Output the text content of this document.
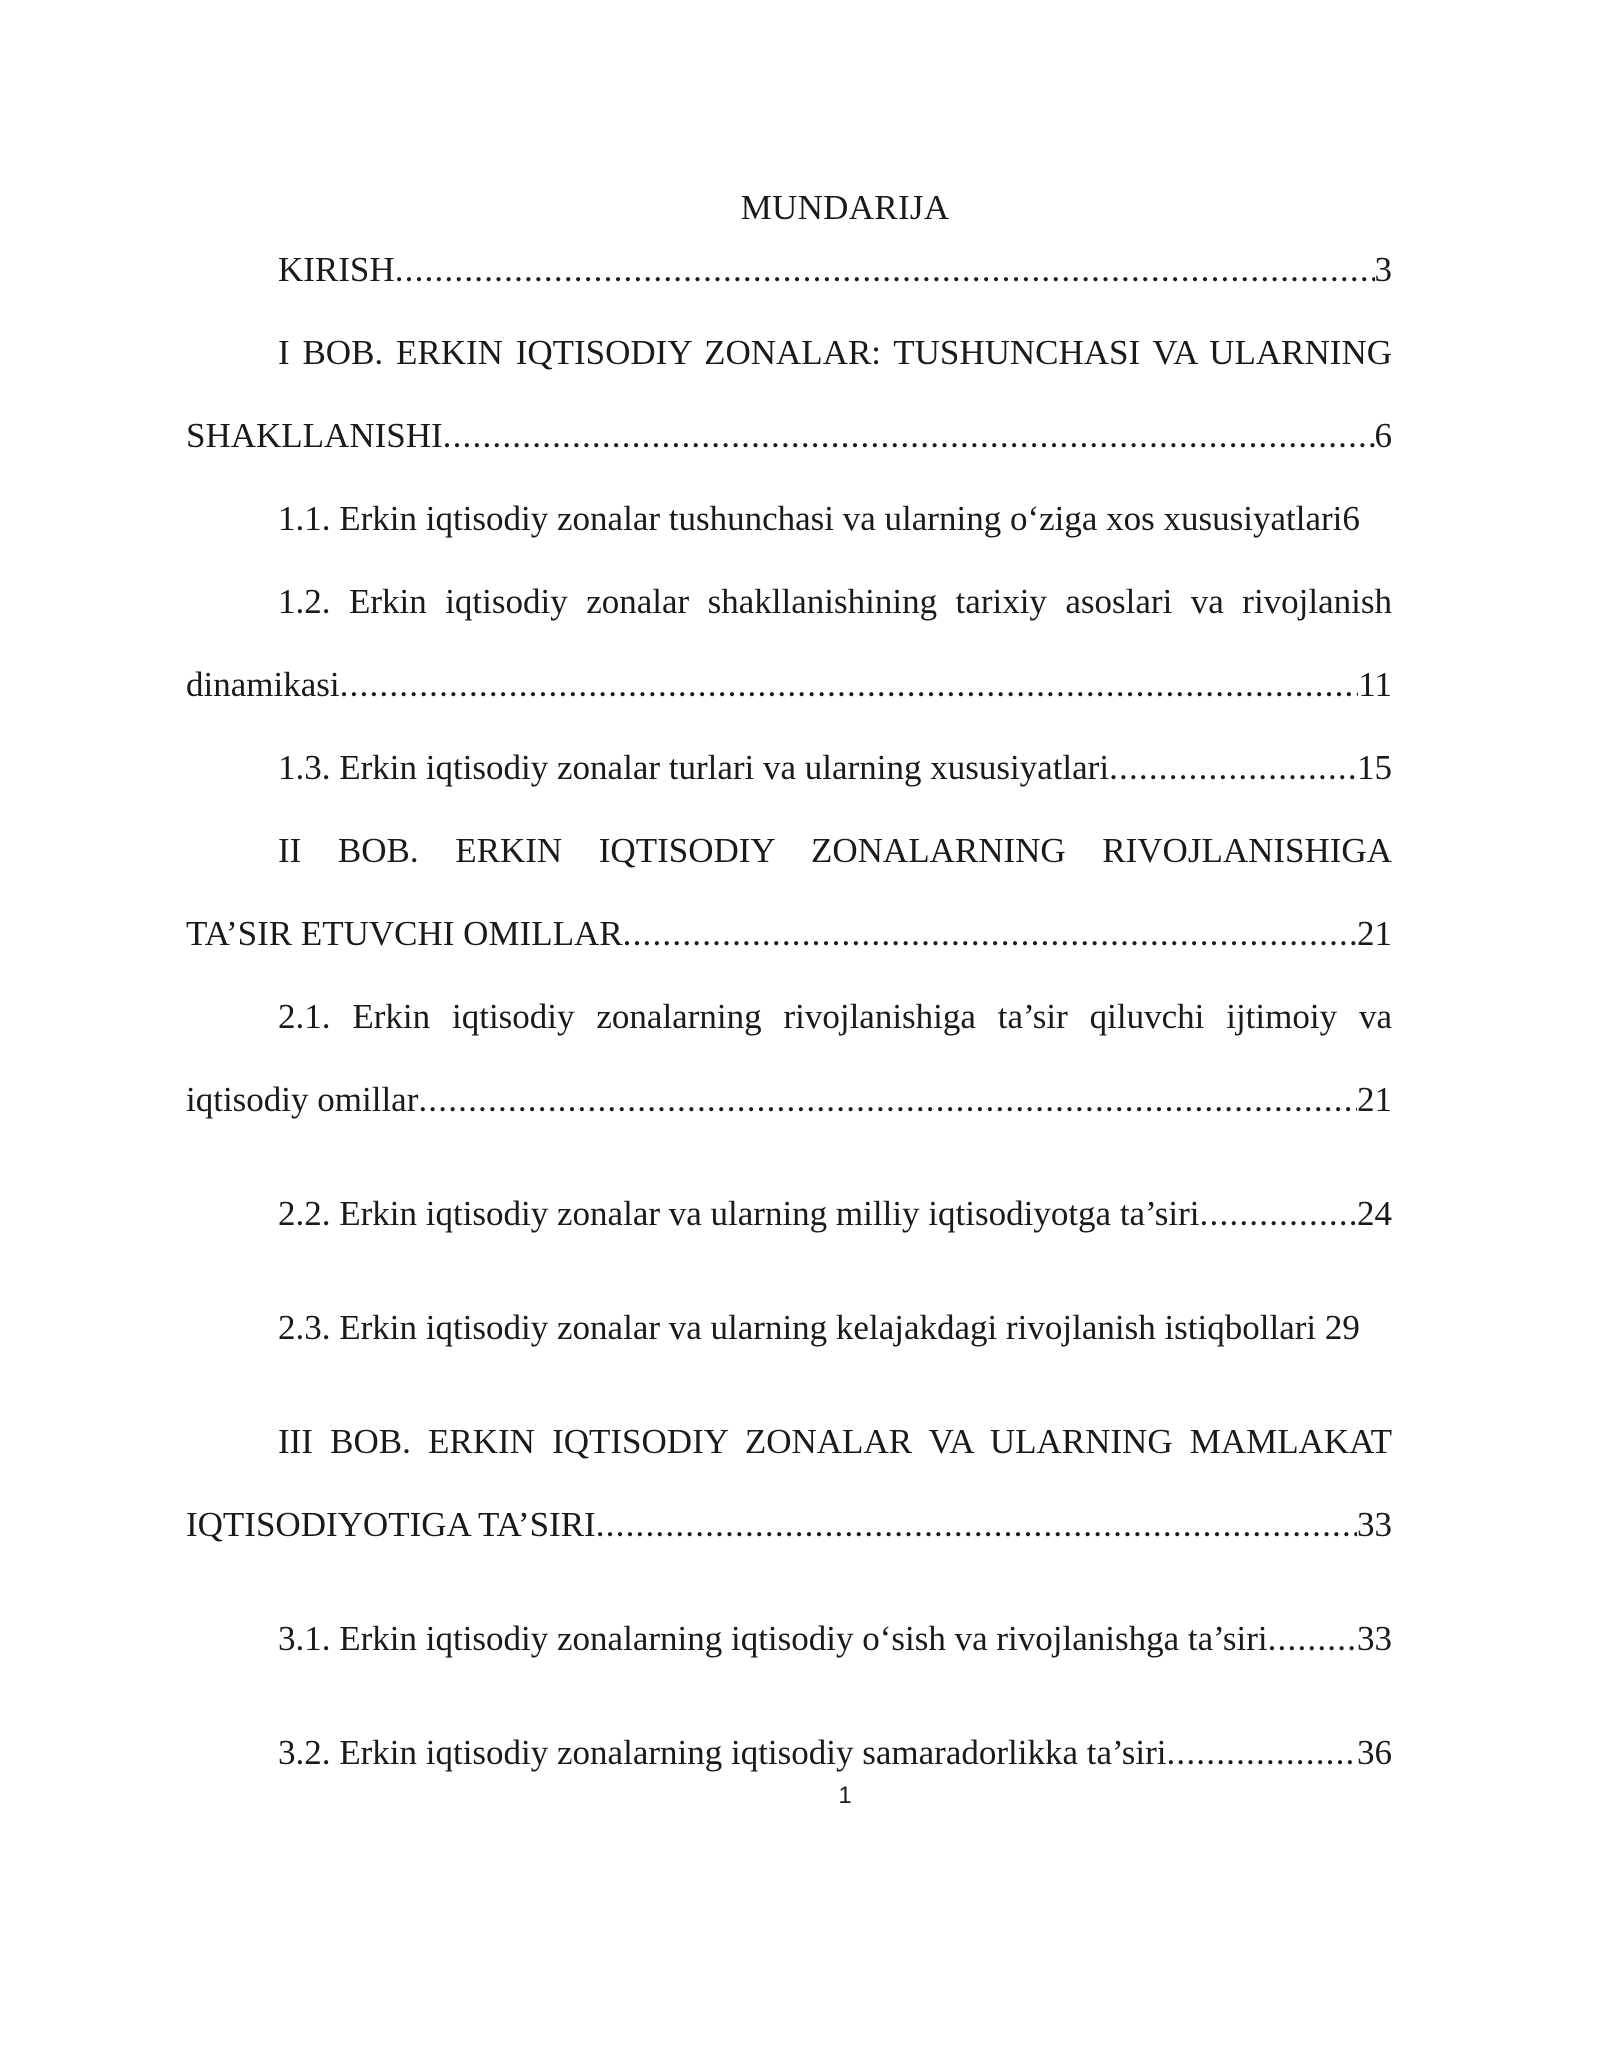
MUNDARIJA
KIRISH .....	3
I BOB. ERKIN IQTISODIY ZONALAR: TUSHUNCHASI VA ULARNING
SHAKLLANISHI .....	6
1.1. Erkin iqtisodiy zonalar tushunchasi va ularning o‘ziga xos xususiyatlari6
1.2. Erkin iqtisodiy zonalar shakllanishining tarixiy asoslari va rivojlanish
dinamikasi .....	11
1.3. Erkin iqtisodiy zonalar turlari va ularning xususiyatlari .....	15
II BOB. ERKIN IQTISODIY ZONALARNING RIVOJLANISHIGA
TA’SIR ETUVCHI OMILLAR .....	21
2.1. Erkin iqtisodiy zonalarning rivojlanishiga ta’sir qiluvchi ijtimoiy va
iqtisodiy omillar .....	21
2.2. Erkin iqtisodiy zonalar va ularning milliy iqtisodiyotga ta’siri .....	24
2.3. Erkin iqtisodiy zonalar va ularning kelajakdagi rivojlanish istiqbollari 29
III BOB. ERKIN IQTISODIY ZONALAR VA ULARNING MAMLAKAT
IQTISODIYOTIGA TA’SIRI .....	33
3.1. Erkin iqtisodiy zonalarning iqtisodiy o‘sish va rivojlanishga ta’siri .....	33
3.2. Erkin iqtisodiy zonalarning iqtisodiy samaradorlikka ta’siri .....	36
1
